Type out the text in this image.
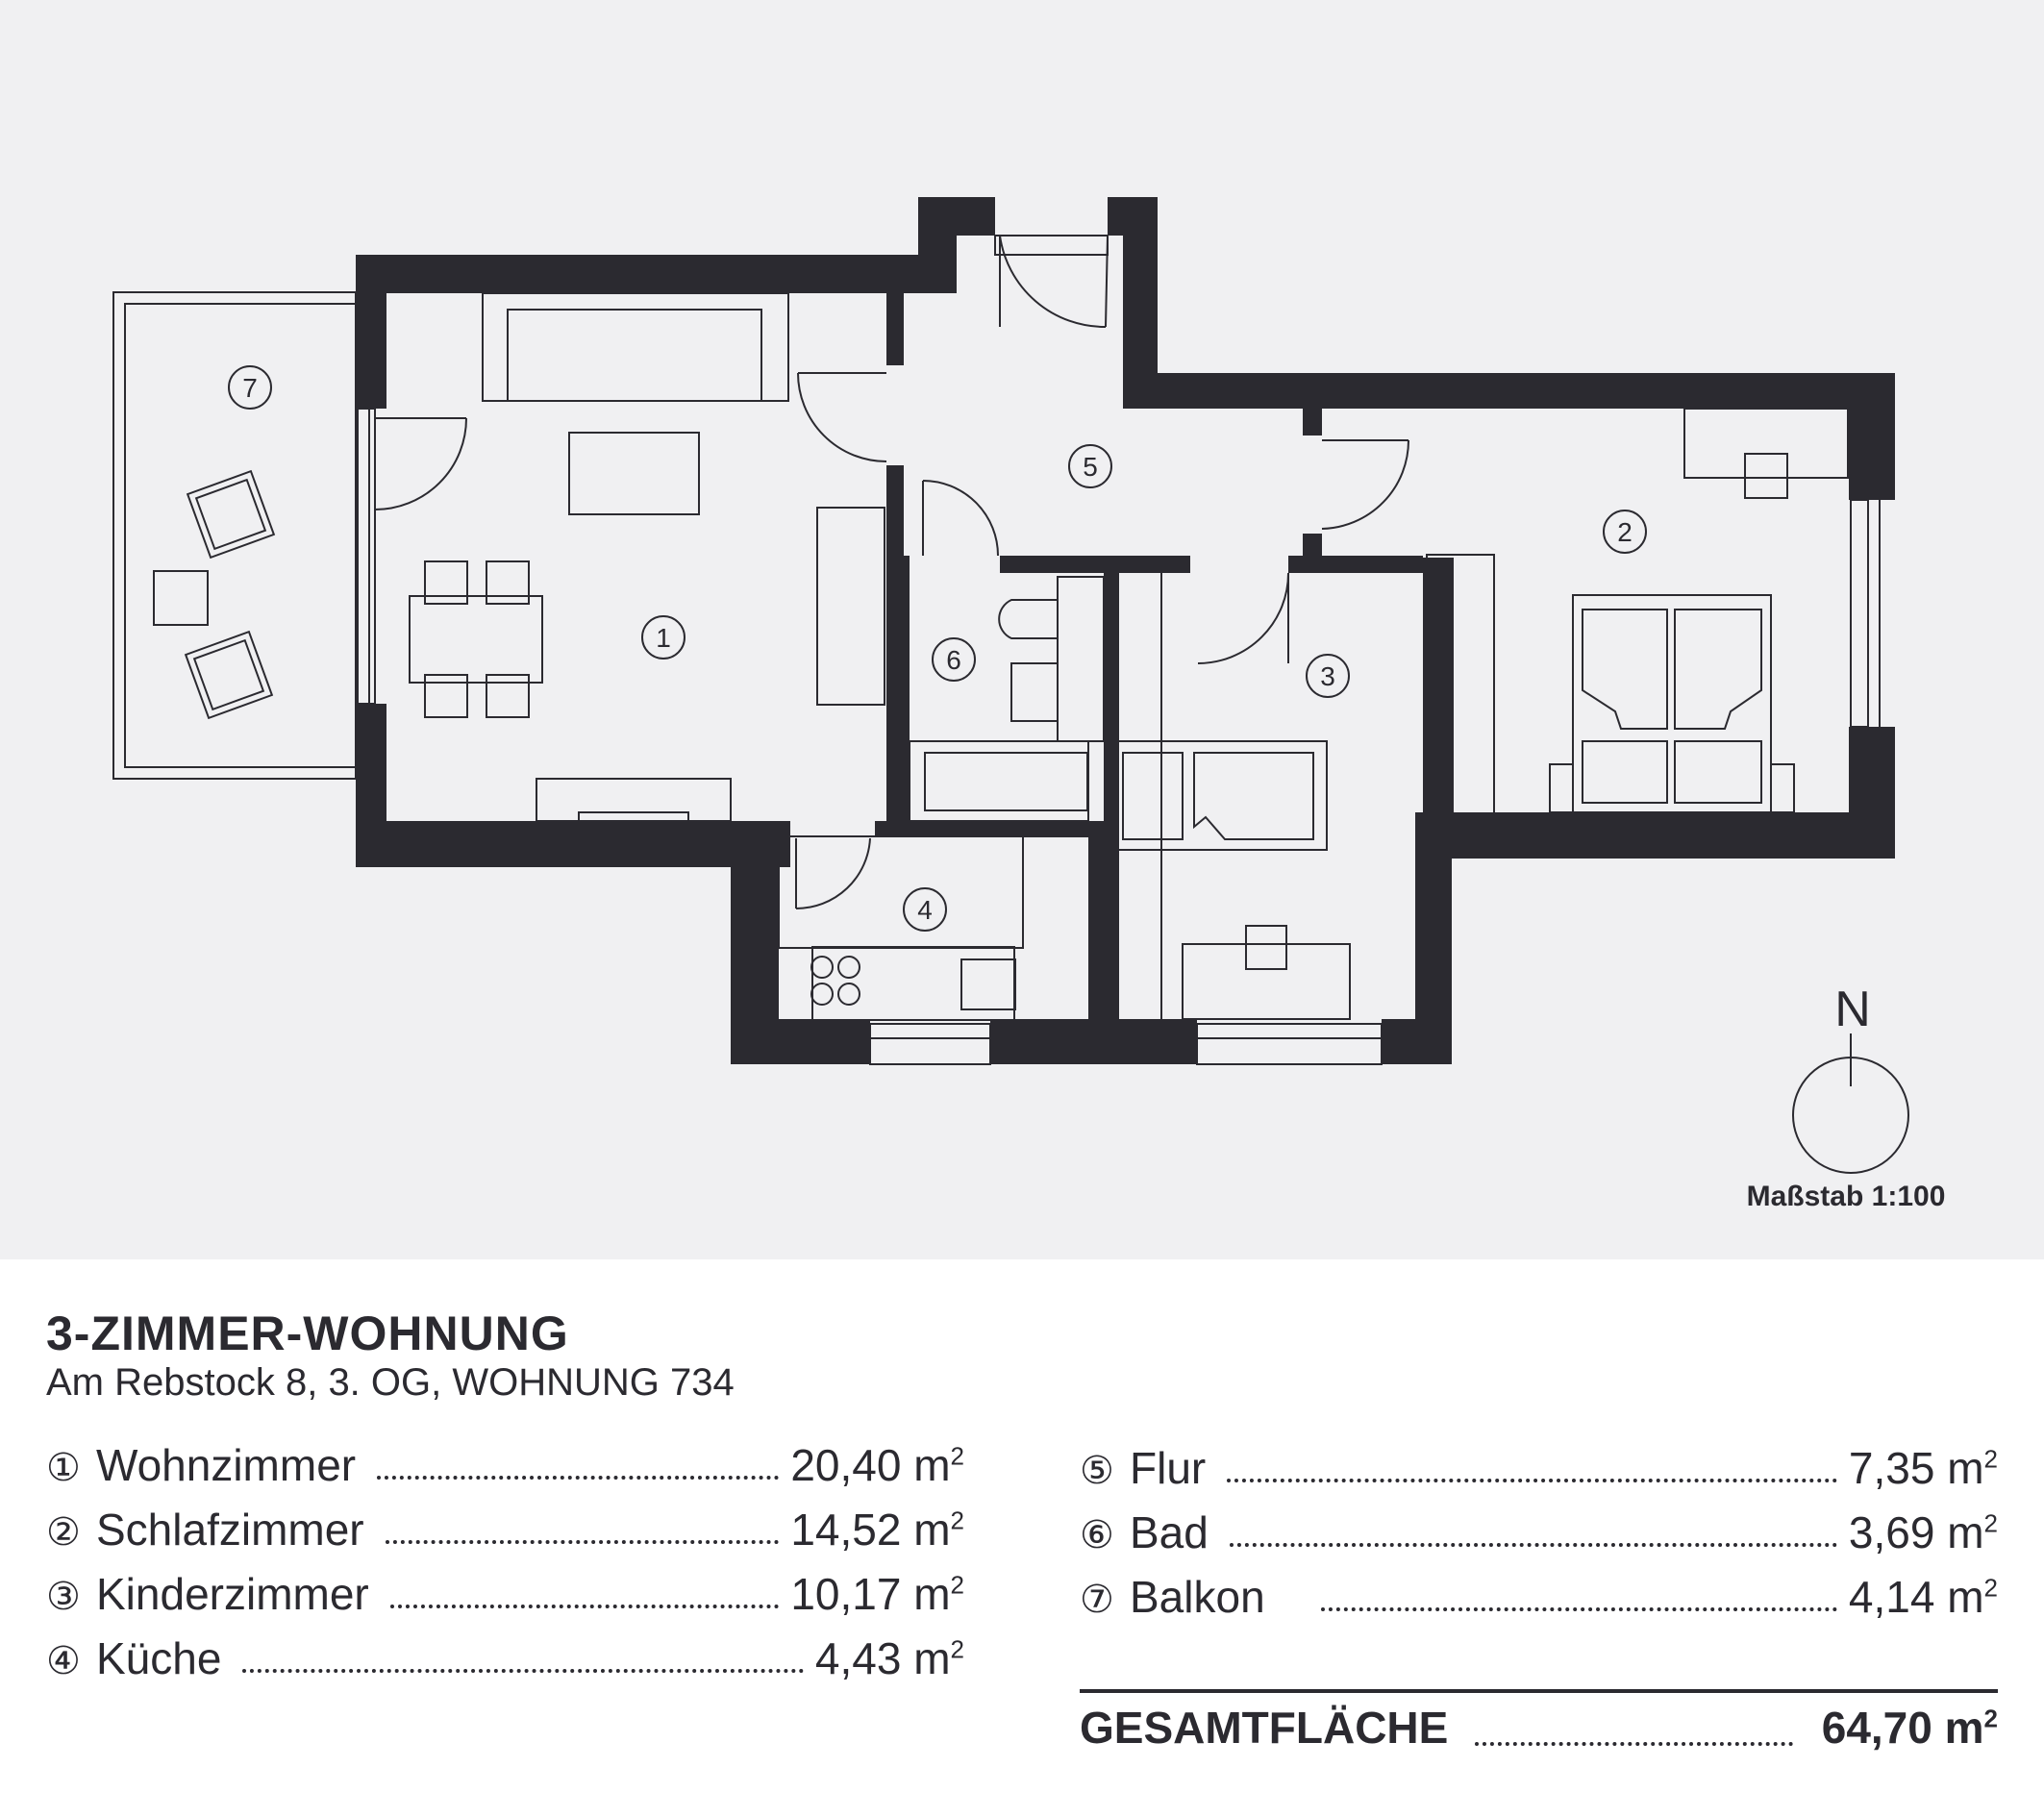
1
2
3
4
5
6
7
N
Maßstab 1:100
3-ZIMMER-WOHNUNG
Am Rebstock 8, 3. OG, WOHNUNG 734
① Wohnzimmer	20,40 $m^2$
② Schlafzimmer	14,52 $m^2$
③ Kinderzimmer	10,17 $m^2$
④ Küche	4,43 $m^2$
⑤ Flur	7,35 $m^2$
⑥ Bad	3,69 $m^2$
⑦ Balkon	4,14 $m^2$
GESAMTFLÄCHE	64,70 $m^2$
